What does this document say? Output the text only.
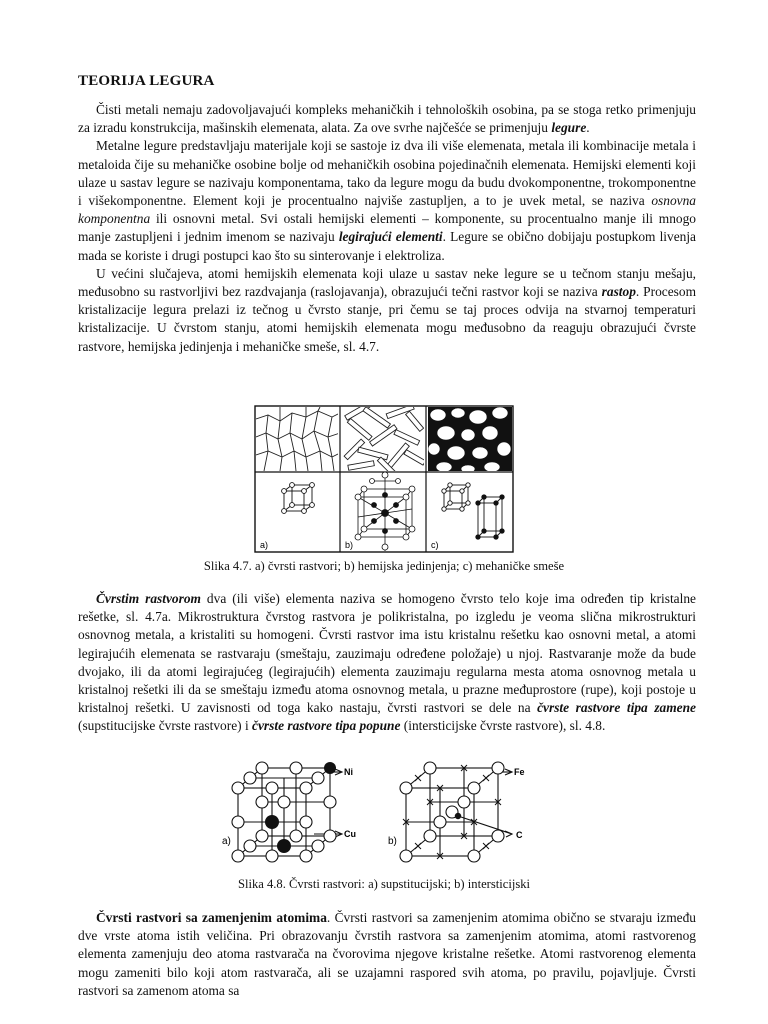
TEORIJA LEGURA

Čisti metali nemaju zadovoljavajući kompleks mehaničkih i tehnoloških osobina, pa se stoga retko primenjuju za izradu konstrukcija, mašinskih elemenata, alata. Za ove svrhe najčešće se primenjuju legure.

Metalne legure predstavljaju materijale koji se sastoje iz dva ili više elemenata, metala ili kombinacije metala i metaloida čije su mehaničke osobine bolje od mehaničkih osobina pojedinačnih elemenata. Hemijski elementi koji ulaze u sastav legure se nazivaju komponentama, tako da legure mogu da budu dvokomponentne, trokomponentne i višekomponentne. Element koji je procentualno najviše zastupljen, a to je uvek metal, se naziva osnovna komponentna ili osnovni metal. Svi ostali hemijski elementi – komponente, su procentualno manje ili mnogo manje zastupljeni i jednim imenom se nazivaju legirajući elementi. Legure se obično dobijaju postupkom livenja mada se koriste i drugi postupci kao što su sinterovanje i elektroliza.

U većini slučajeva, atomi hemijskih elemenata koji ulaze u sastav neke legure se u tečnom stanju mešaju, međusobno su rastvorljivi bez razdvajanja (raslojavanja), obrazujući tečni rastvor koji se naziva rastop. Procesom kristalizacije legura prelazi iz tečnog u čvrsto stanje, pri čemu se taj proces odvija na stvarnoj temperaturi kristalizacije. U čvrstom stanju, atomi hemijskih elemenata mogu međusobno da reaguju obrazujući čvrste rastvore, hemijska jedinjenja i mehaničke smeše, sl. 4.7.

a)	b)	c)
Slika 4.7. a) čvrsti rastvori; b) hemijska jedinjenja; c) mehaničke smeše

Čvrstim rastvorom dva (ili više) elementa naziva se homogeno čvrsto telo koje ima određen tip kristalne rešetke, sl. 4.7a. Mikrostruktura čvrstog rastvora je polikristalna, po izgledu je veoma slična mikrostrukturi osnovnog metala, a kristaliti su homogeni. Čvrsti rastvor ima istu kristalnu rešetku kao osnovni metal, a atomi legirajućih elemenata se rastvaraju (smeštaju, zauzimaju određene položaje) u njoj. Rastvaranje može da bude dvojako, ili da atomi legirajućeg (legirajućih) elementa zauzimaju regularna mesta atoma osnovnog metala u kristalnoj rešetki ili da se smeštaju između atoma osnovnog metala, u prazne međuprostore (rupe), koji postoje u kristalnoj rešetki. U zavisnosti od toga kako nastaju, čvrsti rastvori se dele na čvrste rastvore tipa zamene (supstitucijske čvrste rastvore) i čvrste rastvore tipa popune (intersticijske čvrste rastvore), sl. 4.8.

Ni
Cu
a)
Fe
C
b)
Slika 4.8. Čvrsti rastvori: a) supstitucijski; b) intersticijski

Čvrsti rastvori sa zamenjenim atomima. Čvrsti rastvori sa zamenjenim atomima obično se stvaraju između dve vrste atoma istih veličina. Pri obrazovanju čvrstih rastvora sa zamenjenim atomima, atomi rastvorenog elementa zamenjuju deo atoma rastvarača na čvorovima njegove kristalne rešetke. Atomi rastvorenog elementa mogu zameniti bilo koji atom rastvarača, ali se uzajamni raspored svih atoma, po pravilu, pojavljuje. Čvrsti rastvori sa zamenom atoma sa
